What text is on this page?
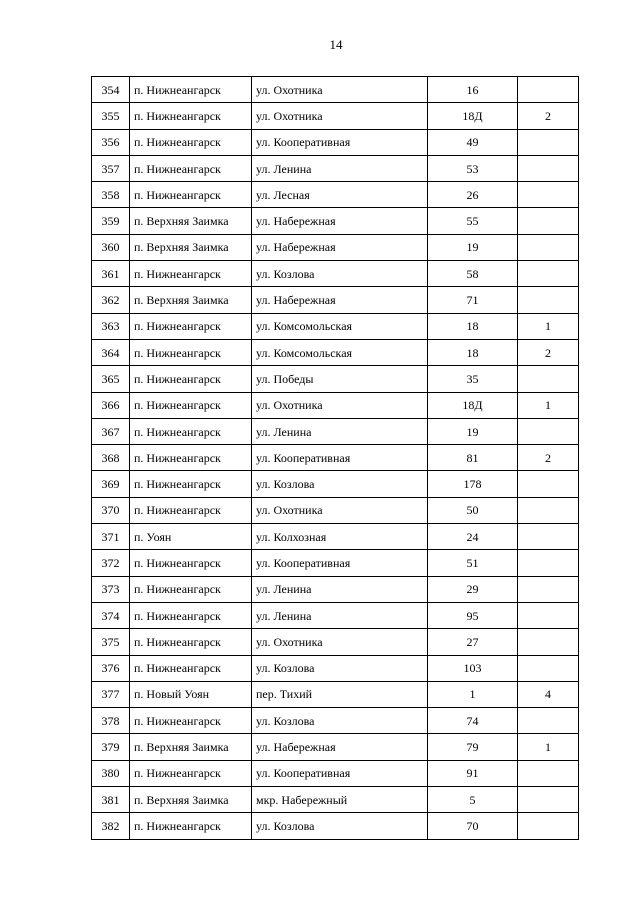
14
354	п. Нижнеангарск	ул. Охотника	16	
355	п. Нижнеангарск	ул. Охотника	18Д	2
356	п. Нижнеангарск	ул. Кооперативная	49	
357	п. Нижнеангарск	ул. Ленина	53	
358	п. Нижнеангарск	ул. Лесная	26	
359	п. Верхняя Заимка	ул. Набережная	55	
360	п. Верхняя Заимка	ул. Набережная	19	
361	п. Нижнеангарск	ул. Козлова	58	
362	п. Верхняя Заимка	ул. Набережная	71	
363	п. Нижнеангарск	ул. Комсомольская	18	1
364	п. Нижнеангарск	ул. Комсомольская	18	2
365	п. Нижнеангарск	ул. Победы	35	
366	п. Нижнеангарск	ул. Охотника	18Д	1
367	п. Нижнеангарск	ул. Ленина	19	
368	п. Нижнеангарск	ул. Кооперативная	81	2
369	п. Нижнеангарск	ул. Козлова	178	
370	п. Нижнеангарск	ул. Охотника	50	
371	п. Уоян	ул. Колхозная	24	
372	п. Нижнеангарск	ул. Кооперативная	51	
373	п. Нижнеангарск	ул. Ленина	29	
374	п. Нижнеангарск	ул. Ленина	95	
375	п. Нижнеангарск	ул. Охотника	27	
376	п. Нижнеангарск	ул. Козлова	103	
377	п. Новый Уоян	пер. Тихий	1	4
378	п. Нижнеангарск	ул. Козлова	74	
379	п. Верхняя Заимка	ул. Набережная	79	1
380	п. Нижнеангарск	ул. Кооперативная	91	
381	п. Верхняя Заимка	мкр. Набережный	5	
382	п. Нижнеангарск	ул. Козлова	70	
